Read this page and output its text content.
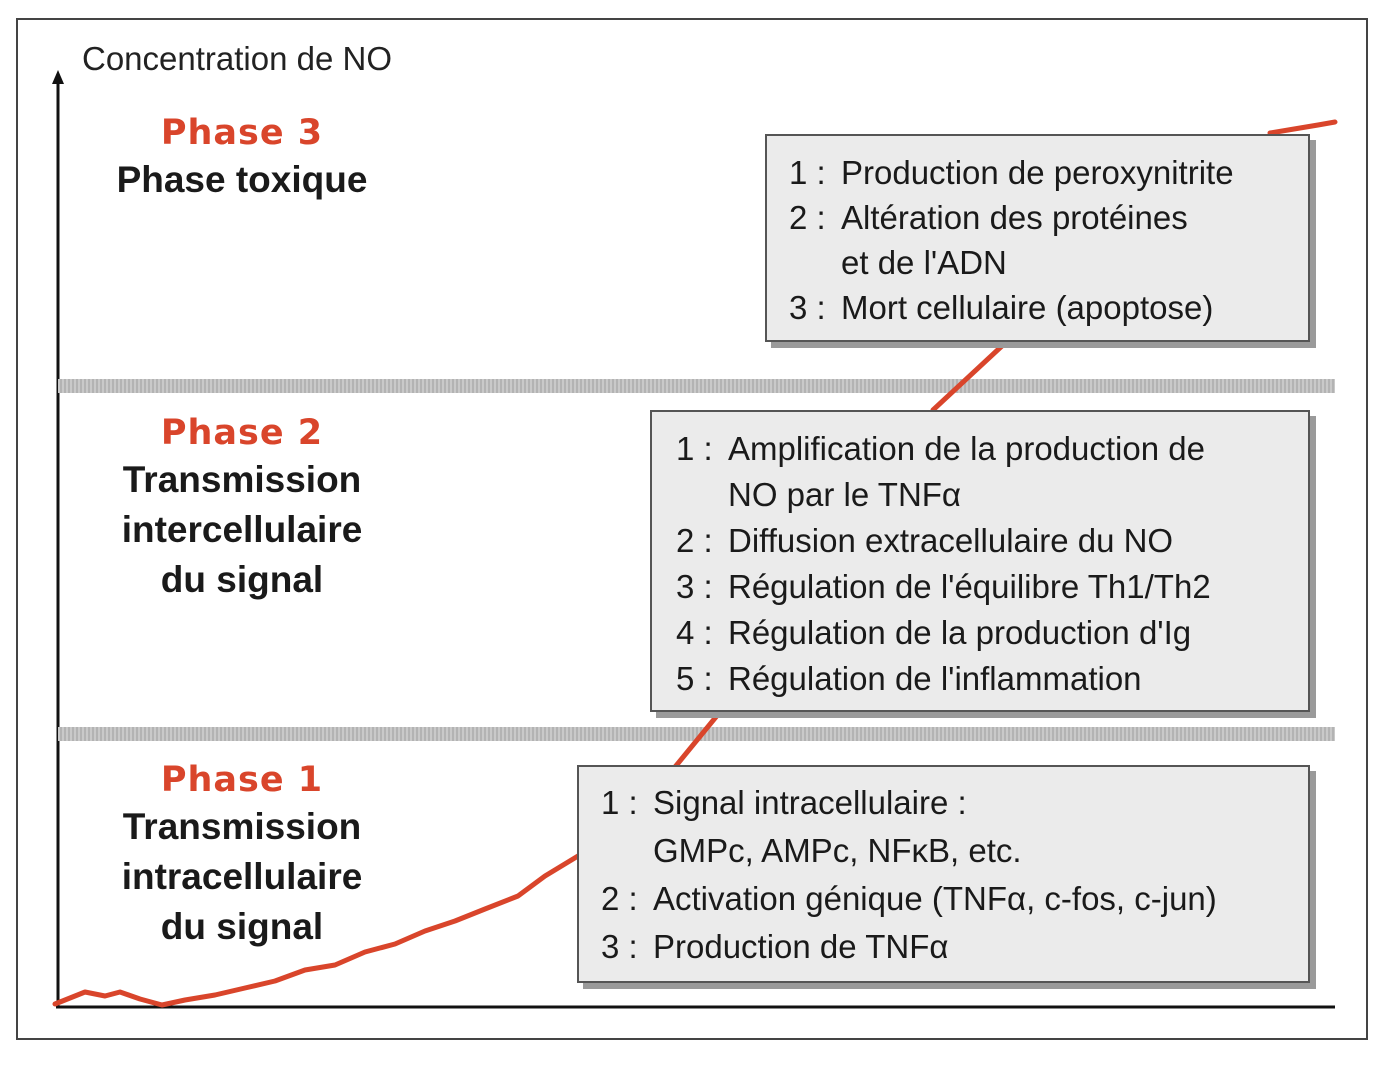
Concentration de NO
Phase 3
Phase toxique
Phase 2
Transmission
intercellulaire
du signal
Phase 1
Transmission
intracellulaire
du signal
1 : Production de peroxynitrite
2 : Altération des protéines
et de l'ADN
3 : Mort cellulaire (apoptose)
1 : Amplification de la production de
NO par le TNFα
2 : Diffusion extracellulaire du NO
3 : Régulation de l'équilibre Th1/Th2
4 : Régulation de la production d'Ig
5 : Régulation de l'inflammation
1 : Signal intracellulaire :
GMPc, AMPc, NFκB, etc.
2 : Activation génique (TNFα, c-fos, c-jun)
3 : Production de TNFα
